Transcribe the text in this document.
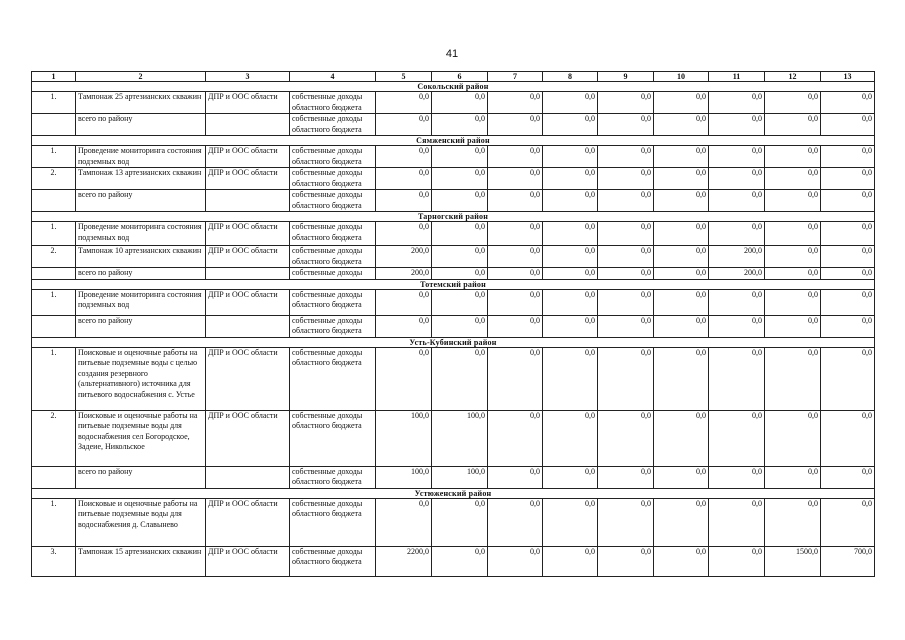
41
1	2	3	4	5	6	7	8	9	10	11	12	13
Сокольский район												
1.	Тампонаж 25 артезианских скважин	ДПР и ООС области	собственные доходы областного бюджета	0,0	0,0	0,0	0,0	0,0	0,0	0,0	0,0	0,0
	всего по району		собственные доходы областного бюджета	0,0	0,0	0,0	0,0	0,0	0,0	0,0	0,0	0,0
Сямженский район												
1.	Проведение мониторинга состояния подземных вод	ДПР и ООС области	собственные доходы областного бюджета	0,0	0,0	0,0	0,0	0,0	0,0	0,0	0,0	0,0
2.	Тампонаж 13 артезианских скважин	ДПР и ООС области	собственные доходы областного бюджета	0,0	0,0	0,0	0,0	0,0	0,0	0,0	0,0	0,0
	всего по району		собственные доходы областного бюджета	0,0	0,0	0,0	0,0	0,0	0,0	0,0	0,0	0,0
Тарногский район												
1.	Проведение мониторинга состояния подземных вод	ДПР и ООС области	собственные доходы областного бюджета	0,0	0,0	0,0	0,0	0,0	0,0	0,0	0,0	0,0
2.	Тампонаж 10 артезианских скважин	ДПР и ООС области	собственные доходы областного бюджета	200,0	0,0	0,0	0,0	0,0	0,0	200,0	0,0	0,0
	всего по району		собственные доходы	200,0	0,0	0,0	0,0	0,0	0,0	200,0	0,0	0,0
Тотемский район												
1.	Проведение мониторинга состояния подземных вод	ДПР и ООС области	собственные доходы областного бюджета	0,0	0,0	0,0	0,0	0,0	0,0	0,0	0,0	0,0
	всего по району		собственные доходы областного бюджета	0,0	0,0	0,0	0,0	0,0	0,0	0,0	0,0	0,0
Усть-Кубинский район												
1.	Поисковые и оценочные работы на питьевые подземные воды с целью создания резервного (альтернативного) источника для питьевого водоснабжения с. Устье	ДПР и ООС области	собственные доходы областного бюджета	0,0	0,0	0,0	0,0	0,0	0,0	0,0	0,0	0,0
2.	Поисковые и оценочные работы на питьевые подземные воды для водоснабжения сел Богородское, Задеие, Никольское	ДПР и ООС области	собственные доходы областного бюджета	100,0	100,0	0,0	0,0	0,0	0,0	0,0	0,0	0,0
	всего по району		собственные доходы областного бюджета	100,0	100,0	0,0	0,0	0,0	0,0	0,0	0,0	0,0
Устюженский район												
1.	Поисковые и оценочные работы на питьевые подземные воды для водоснабжения д. Славынево	ДПР и ООС области	собственные доходы областного бюджета	0,0	0,0	0,0	0,0	0,0	0,0	0,0	0,0	0,0
3.	Тампонаж 15 артезианских скважин	ДПР и ООС области	собственные доходы областного бюджета	2200,0	0,0	0,0	0,0	0,0	0,0	0,0	1500,0	700,0
